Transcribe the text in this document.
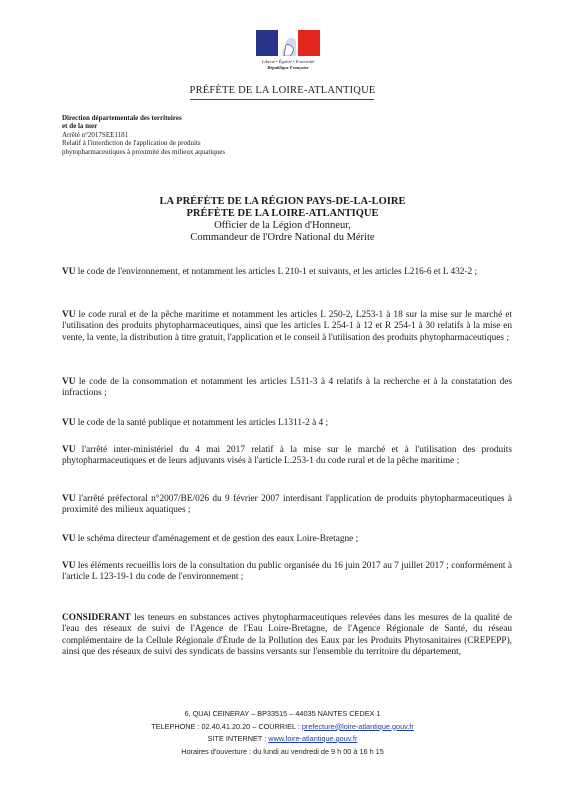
Liberté • Égalité • Fraternité
République Française
PRÉFÈTE DE LA LOIRE-ATLANTIQUE
Direction départementale des territoires
et de la mer
Arrêté n°2017SEE1181
Relatif à l'interdiction de l'application de produits
phytopharmaceutiques à proximité des milieux aquatiques
LA PRÉFÈTE DE LA RÉGION PAYS-DE-LA-LOIRE
PRÉFÈTE DE LA LOIRE-ATLANTIQUE
Officier de la Légion d'Honneur,
Commandeur de l'Ordre National du Mérite
VU le code de l'environnement, et notamment les articles L 210-1 et suivants, et les articles L216-6 et L 432-2 ;
VU le code rural et de la pêche maritime et notamment les articles L 250-2, L253-1 à 18 sur la mise sur le marché et l'utilisation des produits phytopharmaceutiques, ainsi que les articles L 254-1 à 12 et R 254-1 à 30 relatifs à la mise en vente, la vente, la distribution à titre gratuit, l'application et le conseil à l'utilisation des produits phytopharmaceutiques ;
VU le code de la consommation et notamment les articles L511-3 à 4 relatifs à la recherche et à la constatation des infractions ;
VU le code de la santé publique et notamment les articles L1311-2 à 4 ;
VU l'arrêté inter-ministériel du 4 mai 2017 relatif à la mise sur le marché et à l'utilisation des produits phytopharmaceutiques et de leurs adjuvants visés à l'article L.253-1 du code rural et de la pêche maritime ;
VU l'arrêté préfectoral n°2007/BE/026 du 9 février 2007 interdisant l'application de produits phytopharmaceutiques à proximité des milieux aquatiques ;
VU le schéma directeur d'aménagement et de gestion des eaux Loire-Bretagne ;
VU les éléments recueillis lors de la consultation du public organisée du 16 juin 2017 au 7 juillet 2017 ; conformément à l'article L 123-19-1 du code de l'environnement ;
CONSIDERANT les teneurs en substances actives phytopharmaceutiques relevées dans les mesures de la qualité de l'eau des réseaux de suivi de l'Agence de l'Eau Loire-Bretagne, de l'Agence Régionale de Santé, du réseau complémentaire de la Cellule Régionale d'Étude de la Pollution des Eaux par les Produits Phytosanitaires (CREPEPP), ainsi que des réseaux de suivi des syndicats de bassins versants sur l'ensemble du territoire du département,
6, QUAI CEINERAY – BP33515 – 44035 NANTES CEDEX 1
TELEPHONE : 02.40.41.20.20 – COURRIEL : prefecture@loire-atlantique.gouv.fr
SITE INTERNET : www.loire-atlantique.gouv.fr
Horaires d'ouverture : du lundi au vendredi de 9 h 00 à 16 h 15
